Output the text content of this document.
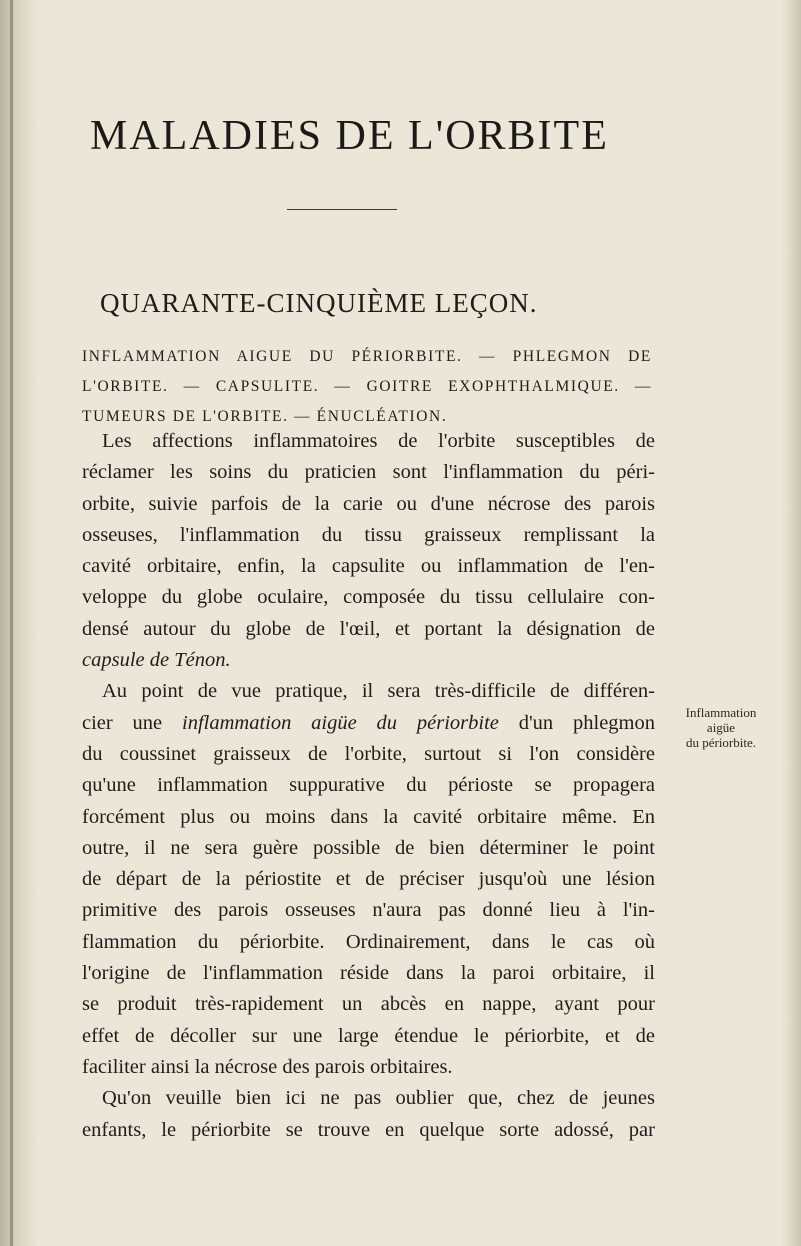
MALADIES DE L'ORBITE
QUARANTE-CINQUIÈME LEÇON.
INFLAMMATION AIGUE DU PÉRIORBITE. — PHLEGMON DE
L'ORBITE. — CAPSULITE. — GOITRE EXOPHTHALMIQUE. —
TUMEURS DE L'ORBITE. — ÉNUCLÉATION.
Les affections inflammatoires de l'orbite susceptibles de
réclamer les soins du praticien sont l'inflammation du péri-
orbite, suivie parfois de la carie ou d'une nécrose des parois
osseuses, l'inflammation du tissu graisseux remplissant la
cavité orbitaire, enfin, la capsulite ou inflammation de l'en-
veloppe du globe oculaire, composée du tissu cellulaire con-
densé autour du globe de l'œil, et portant la désignation de
capsule de Ténon.
Au point de vue pratique, il sera très-difficile de différen-
cier une inflammation aigüe du périorbite d'un phlegmon
du coussinet graisseux de l'orbite, surtout si l'on considère
qu'une inflammation suppurative du périoste se propagera
forcément plus ou moins dans la cavité orbitaire même. En
outre, il ne sera guère possible de bien déterminer le point
de départ de la périostite et de préciser jusqu'où une lésion
primitive des parois osseuses n'aura pas donné lieu à l'in-
flammation du périorbite. Ordinairement, dans le cas où
l'origine de l'inflammation réside dans la paroi orbitaire, il
se produit très-rapidement un abcès en nappe, ayant pour
effet de décoller sur une large étendue le périorbite, et de
faciliter ainsi la nécrose des parois orbitaires.
Qu'on veuille bien ici ne pas oublier que, chez de jeunes
enfants, le périorbite se trouve en quelque sorte adossé, par
Inflammation
aigüe
du périorbite.
